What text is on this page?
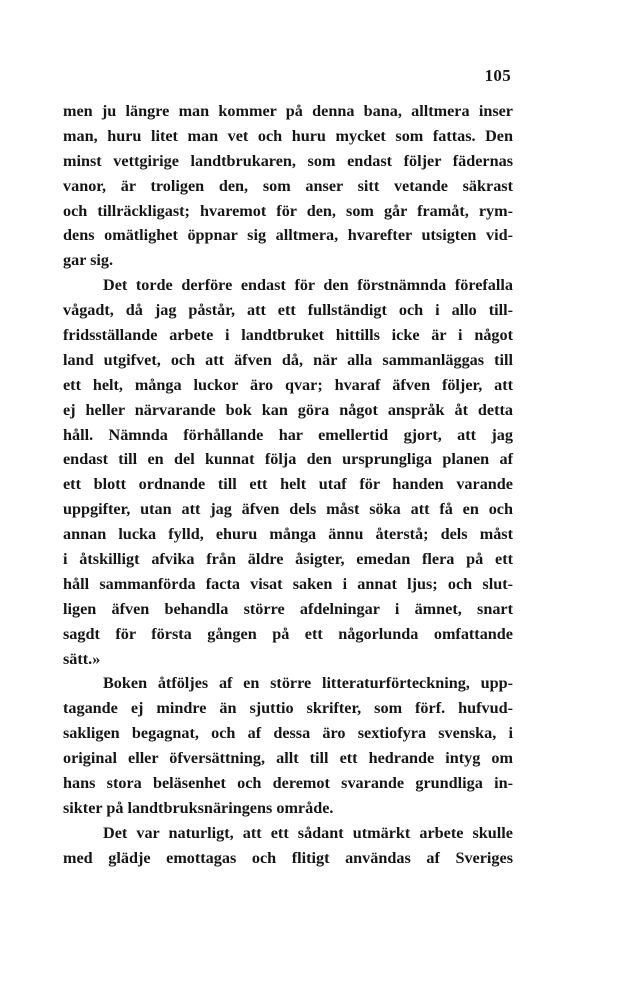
105
men ju längre man kommer på denna bana, alltmera inser
man, huru litet man vet och huru mycket som fattas. Den
minst vettgirige landtbrukaren, som endast följer fädernas
vanor, är troligen den, som anser sitt vetande säkrast
och tillräckligast; hvaremot för den, som går framåt, rym-
dens omätlighet öppnar sig alltmera, hvarefter utsigten vid-
gar sig.
Det torde derföre endast för den förstnämnda förefalla
vågadt, då jag påstår, att ett fullständigt och i allo till-
fridsställande arbete i landtbruket hittills icke är i något
land utgifvet, och att äfven då, när alla sammanläggas till
ett helt, många luckor äro qvar; hvaraf äfven följer, att
ej heller närvarande bok kan göra något anspråk åt detta
håll. Nämnda förhållande har emellertid gjort, att jag
endast till en del kunnat följa den ursprungliga planen af
ett blott ordnande till ett helt utaf för handen varande
uppgifter, utan att jag äfven dels måst söka att få en och
annan lucka fylld, ehuru många ännu återstå; dels måst
i åtskilligt afvika från äldre åsigter, emedan flera på ett
håll sammanförda facta visat saken i annat ljus; och slut-
ligen äfven behandla större afdelningar i ämnet, snart
sagdt för första gången på ett någorlunda omfattande
sätt.»
Boken åtföljes af en större litteraturförteckning, upp-
tagande ej mindre än sjuttio skrifter, som förf. hufvud-
sakligen begagnat, och af dessa äro sextiofyra svenska, i
original eller öfversättning, allt till ett hedrande intyg om
hans stora beläsenhet och deremot svarande grundliga in-
sikter på landtbruksnäringens område.
Det var naturligt, att ett sådant utmärkt arbete skulle
med glädje emottagas och flitigt användas af Sveriges
